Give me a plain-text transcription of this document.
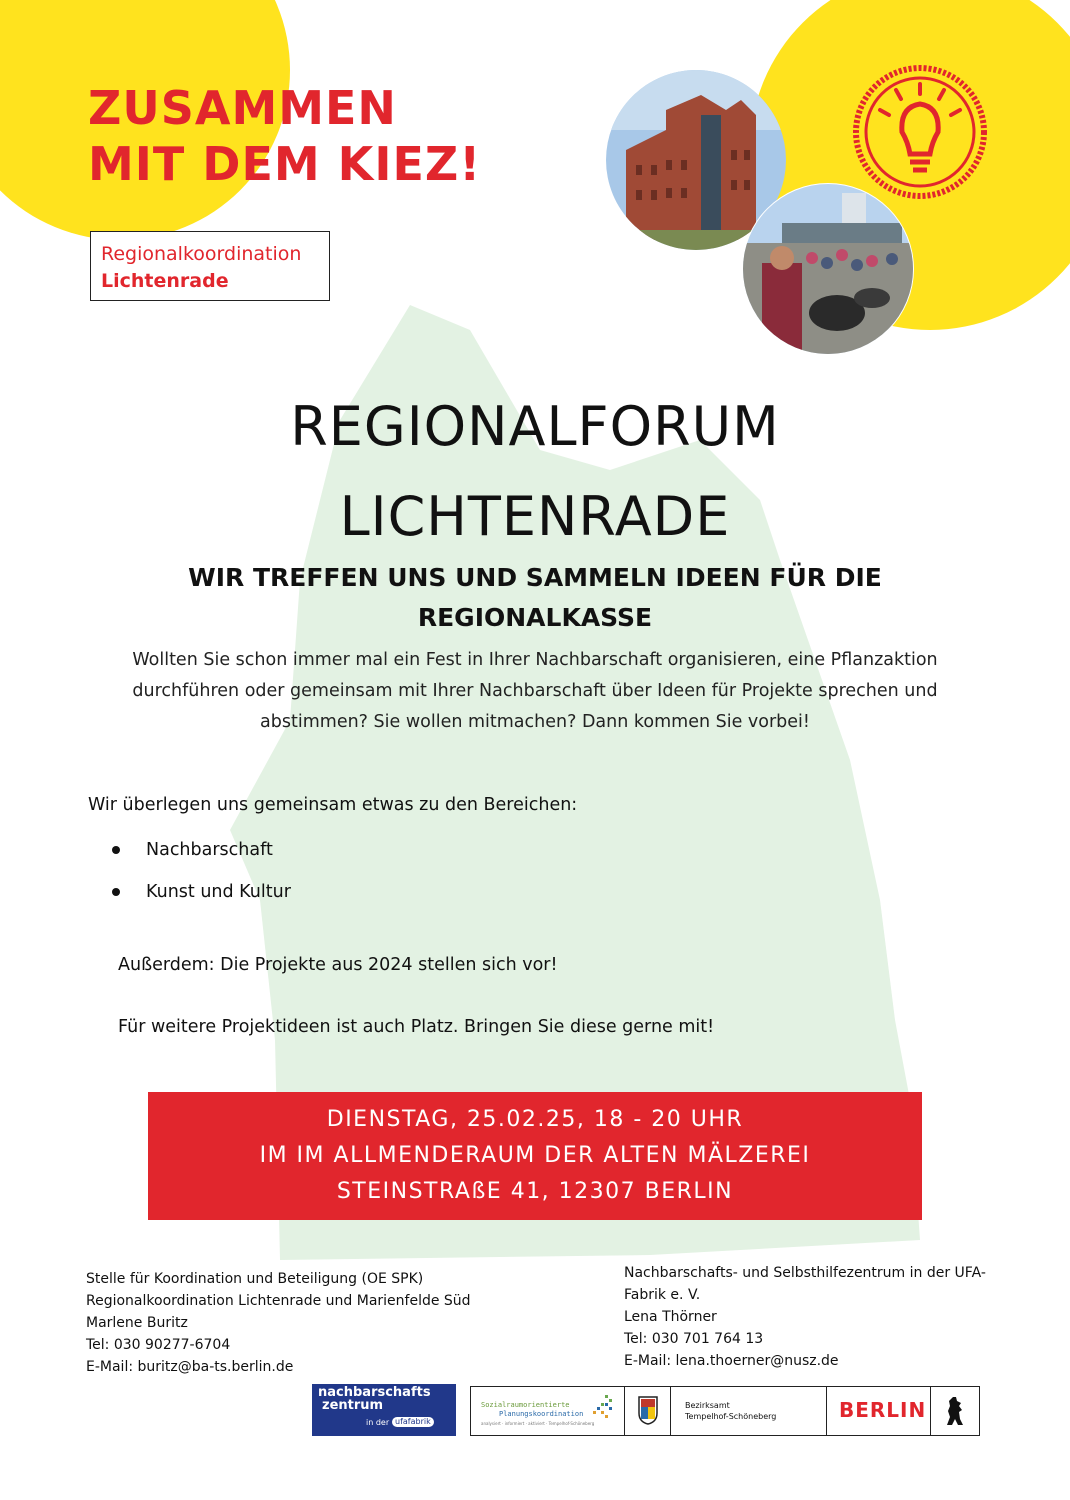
ZUSAMMEN
MIT DEM KIEZ!
Regionalkoordination
Lichtenrade
REGIONALFORUM
LICHTENRADE
WIR TREFFEN UNS UND SAMMELN IDEEN FÜR DIE
REGIONALKASSE
Wollten Sie schon immer mal ein Fest in Ihrer Nachbarschaft organisieren, eine Pflanzaktion
durchführen oder gemeinsam mit Ihrer Nachbarschaft über Ideen für Projekte sprechen und
abstimmen? Sie wollen mitmachen? Dann kommen Sie vorbei!
Wir überlegen uns gemeinsam etwas zu den Bereichen:
Nachbarschaft
Kunst und Kultur
Außerdem: Die Projekte aus 2024 stellen sich vor!
Für weitere Projektideen ist auch Platz. Bringen Sie diese gerne mit!
DIENSTAG, 25.02.25, 18 - 20 UHR
IM IM ALLMENDERAUM DER ALTEN MÄLZEREI
STEINSTRAßE 41, 12307 BERLIN
Stelle für Koordination und Beteiligung (OE SPK)
Regionalkoordination Lichtenrade und Marienfelde Süd
Marlene Buritz
Tel: 030 90277-6704
E-Mail: buritz@ba-ts.berlin.de
Nachbarschafts- und Selbsthilfezentrum in der UFA-
Fabrik e. V.
Lena Thörner
Tel: 030 701 764 13
E-Mail: lena.thoerner@nusz.de
nachbarschafts
zentrum
in der ufafabrik
Sozialraumorientierte
Planungskoordination
analysiert · informiert · aktiviert · Tempelhof-Schöneberg
Bezirksamt
Tempelhof-Schöneberg	BERLIN
